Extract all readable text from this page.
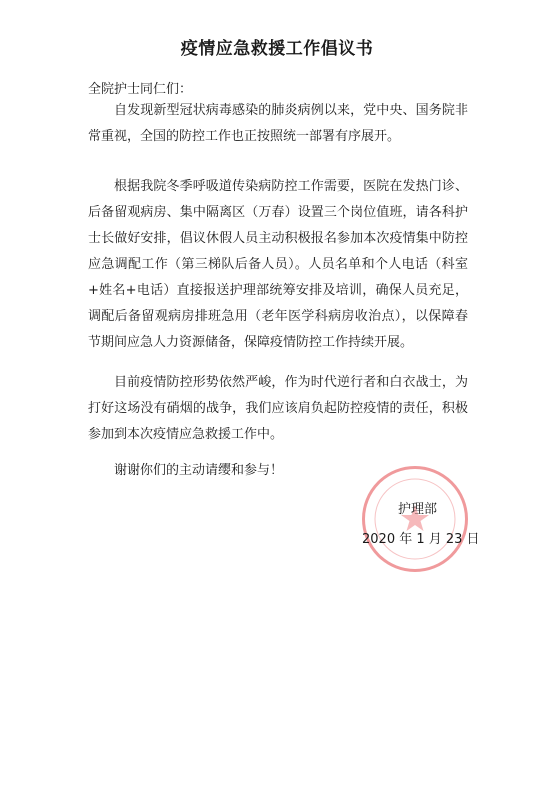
疫情应急救援工作倡议书
全院护士同仁们：

自发现新型冠状病毒感染的肺炎病例以来，党中央、国务院非常重视，全国的防控工作也正按照统一部署有序展开。

根据我院冬季呼吸道传染病防控工作需要，医院在发热门诊、后备留观病房、集中隔离区（万春）设置三个岗位值班，请各科护士长做好安排，倡议休假人员主动积极报名参加本次疫情集中防控应急调配工作（第三梯队后备人员）。人员名单和个人电话（科室+姓名+电话）直接报送护理部统筹安排及培训，确保人员充足，调配后备留观病房排班急用（老年医学科病房收治点），以保障春节期间应急人力资源储备，保障疫情防控工作持续开展。

目前疫情防控形势依然严峻，作为时代逆行者和白衣战士，为打好这场没有硝烟的战争，我们应该肩负起防控疫情的责任，积极参加到本次疫情应急救援工作中。

谢谢你们的主动请缨和参与！

护理部
2020 年 1 月 23 日
